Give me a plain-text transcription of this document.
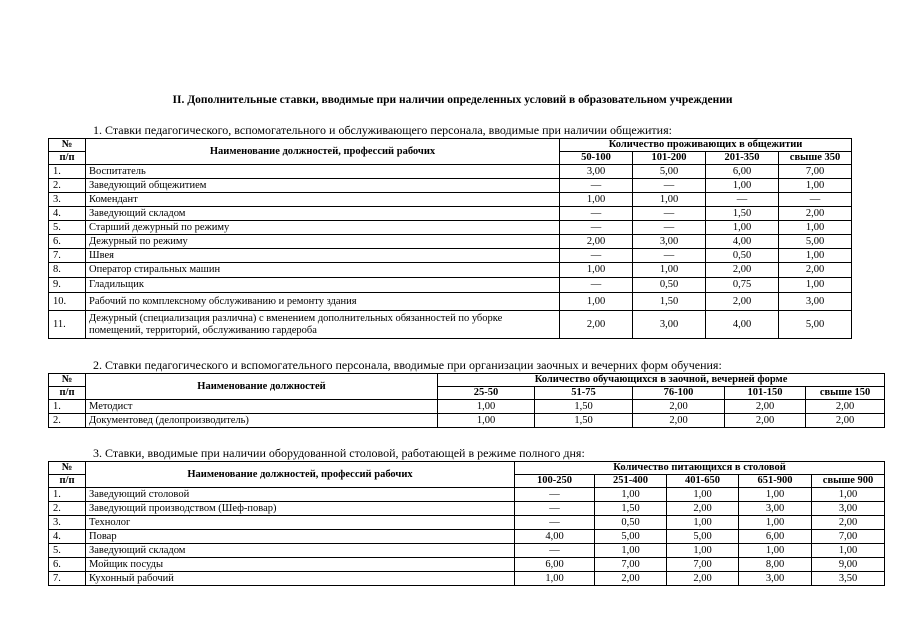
II. Дополнительные ставки, вводимые при наличии определенных условий в образовательном учреждении

1. Ставки педагогического, вспомогательного и обслуживающего персонала, вводимые при наличии общежития:

№	Наименование должностей, профессий рабочих	Количество проживающих в общежитии			
п/п		50-100	101-200	201-350	свыше 350
1.	Воспитатель	3,00	5,00	6,00	7,00
2.	Заведующий общежитием	—	—	1,00	1,00
3.	Комендант	1,00	1,00	—	—
4.	Заведующий складом	—	—	1,50	2,00
5.	Старший дежурный по режиму	—	—	1,00	1,00
6.	Дежурный по режиму	2,00	3,00	4,00	5,00
7.	Швея	—	—	0,50	1,00
8.	Оператор стиральных машин	1,00	1,00	2,00	2,00
9.	Гладильщик	—	0,50	0,75	1,00
10.	Рабочий по комплексному обслуживанию и ремонту здания	1,00	1,50	2,00	3,00
11.	Дежурный (специализация различна) с вменением дополнительных обязанностей по уборке помещений, территорий, обслуживанию гардероба	2,00	3,00	4,00	5,00

2. Ставки педагогического и вспомогательного персонала, вводимые при организации заочных и вечерних форм обучения:

№	Наименование должностей	Количество обучающихся в заочной, вечерней форме				
п/п		25-50	51-75	76-100	101-150	свыше 150
1.	Методист	1,00	1,50	2,00	2,00	2,00
2.	Документовед (делопроизводитель)	1,00	1,50	2,00	2,00	2,00

3. Ставки, вводимые при наличии оборудованной столовой, работающей в режиме полного дня:

№	Наименование должностей, профессий рабочих	Количество питающихся в столовой				
п/п		100-250	251-400	401-650	651-900	свыше 900
1.	Заведующий столовой	—	1,00	1,00	1,00	1,00
2.	Заведующий производством (Шеф-повар)	—	1,50	2,00	3,00	3,00
3.	Технолог	—	0,50	1,00	1,00	2,00
4.	Повар	4,00	5,00	5,00	6,00	7,00
5.	Заведующий складом	—	1,00	1,00	1,00	1,00
6.	Мойщик посуды	6,00	7,00	7,00	8,00	9,00
7.	Кухонный рабочий	1,00	2,00	2,00	3,00	3,50
